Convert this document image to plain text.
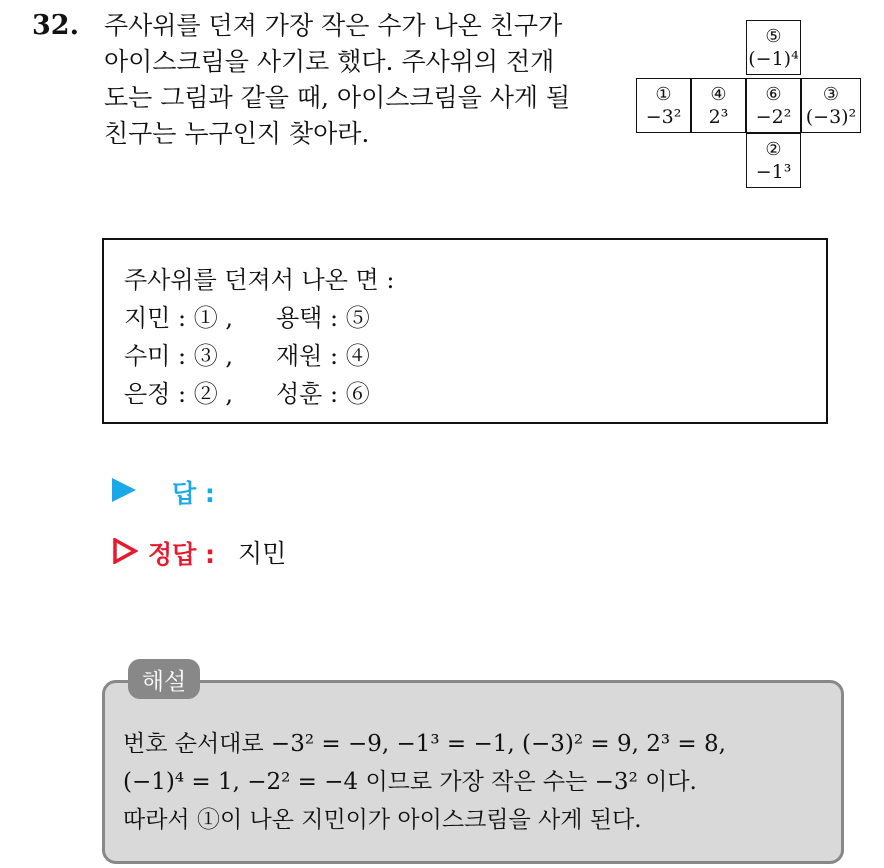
32. 주사위를 던져 가장 작은 수가 나온 친구가
아이스크림을 사기로 했다. 주사위의 전개
도는 그림과 같을 때, 아이스크림을 사게 될
친구는 누구인지 찾아라.
⑤
(−1)⁴
①
−3²
④
2³
⑥
−2²
③
(−3)²
②
−1³
주사위를 던져서 나온 면 :
지민 : ① , 용택 : ⑤
수미 : ③ , 재원 : ④
은정 : ② , 성훈 : ⑥
답 :
정답 : 지민
번호 순서대로 −3² = −9, −1³ = −1, (−3)² = 9, 2³ = 8,
(−1)⁴ = 1, −2² = −4 이므로 가장 작은 수는 −3² 이다.
따라서 ①이 나온 지민이가 아이스크림을 사게 된다.
해설
